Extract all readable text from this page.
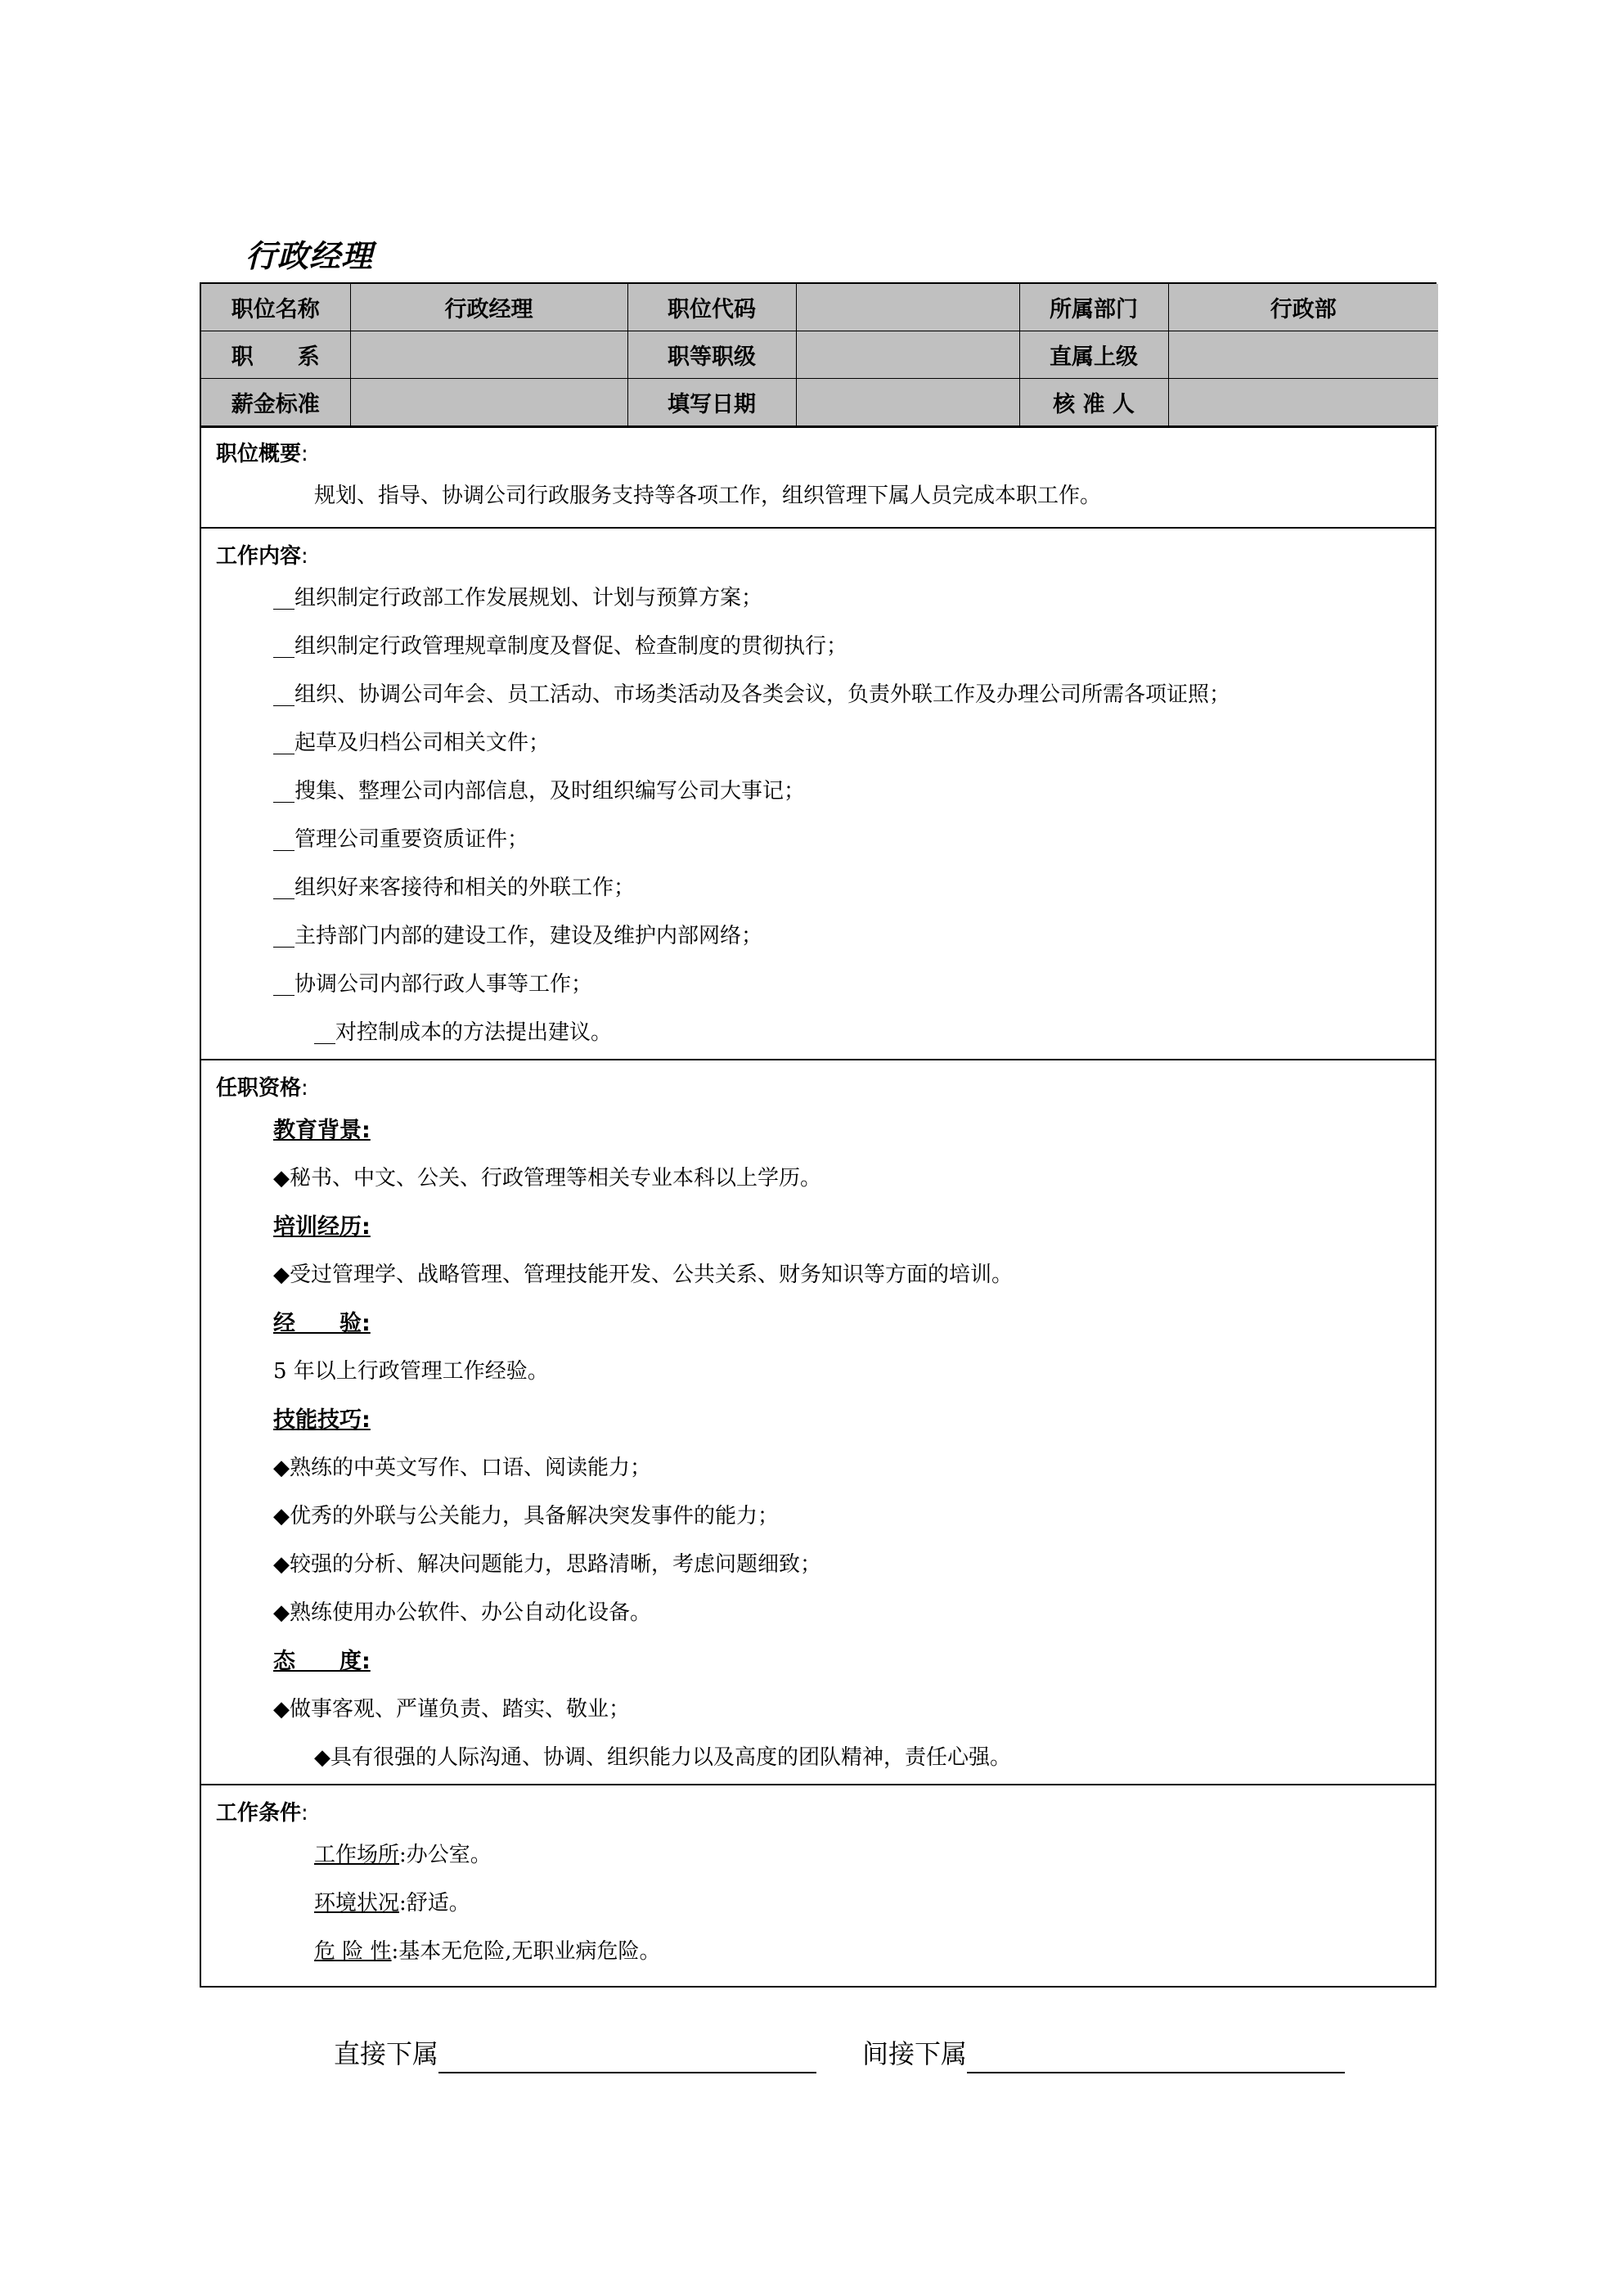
行政经理
职位名称	行政经理	职位代码		所属部门	行政部
职　　系		职等职级		直属上级	
薪金标准		填写日期		核 准 人	
职位概要:
规划、指导、协调公司行政服务支持等各项工作，组织管理下属人员完成本职工作。
工作内容:
__组织制定行政部工作发展规划、计划与预算方案；
__组织制定行政管理规章制度及督促、检查制度的贯彻执行；
__组织、协调公司年会、员工活动、市场类活动及各类会议，负责外联工作及办理公司所需各项证照；
__起草及归档公司相关文件；
__搜集、整理公司内部信息，及时组织编写公司大事记；
__管理公司重要资质证件；
__组织好来客接待和相关的外联工作；
__主持部门内部的建设工作，建设及维护内部网络；
__协调公司内部行政人事等工作；
__对控制成本的方法提出建议。
任职资格:
教育背景:
◆秘书、中文、公关、行政管理等相关专业本科以上学历。
培训经历:
◆受过管理学、战略管理、管理技能开发、公共关系、财务知识等方面的培训。
经　　验:
5 年以上行政管理工作经验。
技能技巧:
◆熟练的中英文写作、口语、阅读能力；
◆优秀的外联与公关能力，具备解决突发事件的能力；
◆较强的分析、解决问题能力，思路清晰，考虑问题细致；
◆熟练使用办公软件、办公自动化设备。
态　　度:
◆做事客观、严谨负责、踏实、敬业；
◆具有很强的人际沟通、协调、组织能力以及高度的团队精神，责任心强。
工作条件:
工作场所:办公室。
环境状况:舒适。
危 险 性:基本无危险,无职业病危险。
直接下属	间接下属
